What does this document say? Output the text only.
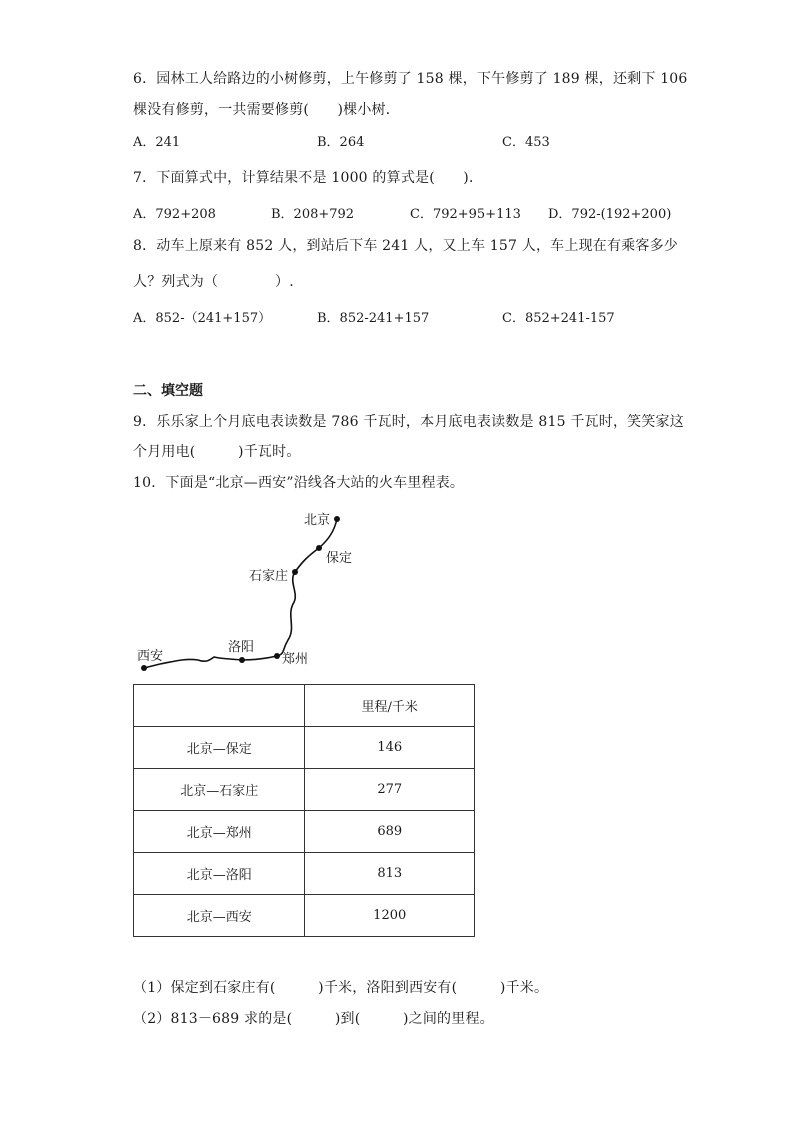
6．园林工人给路边的小树修剪，上午修剪了 158 棵，下午修剪了 189 棵，还剩下 106
棵没有修剪，一共需要修剪(　　)棵小树．
A．241	B．264	C．453
7．下面算式中，计算结果不是 1000 的算式是(　　)．
A．792+208	B．208+792	C．792+95+113 D．792-(192+200)
8．动车上原来有 852 人，到站后下车 241 人，又上车 157 人，车上现在有乘客多少
人？列式为（　　　　）.
A．852-（241+157）	B．852-241+157	C．852+241-157
二、填空题
9．乐乐家上个月底电表读数是 786 千瓦时，本月底电表读数是 815 千瓦时，笑笑家这
个月用电(　　　)千瓦时。
10．下面是“北京—西安”沿线各大站的火车里程表。
北京
保定
石家庄
郑州
洛阳
西安
	里程/千米
北京—保定	146
北京—石家庄	277
北京—郑州	689
北京—洛阳	813
北京—西安	1200
（1）保定到石家庄有(　　　)千米，洛阳到西安有(　　　)千米。
（2）813－689 求的是(　　　)到(　　　)之间的里程。
